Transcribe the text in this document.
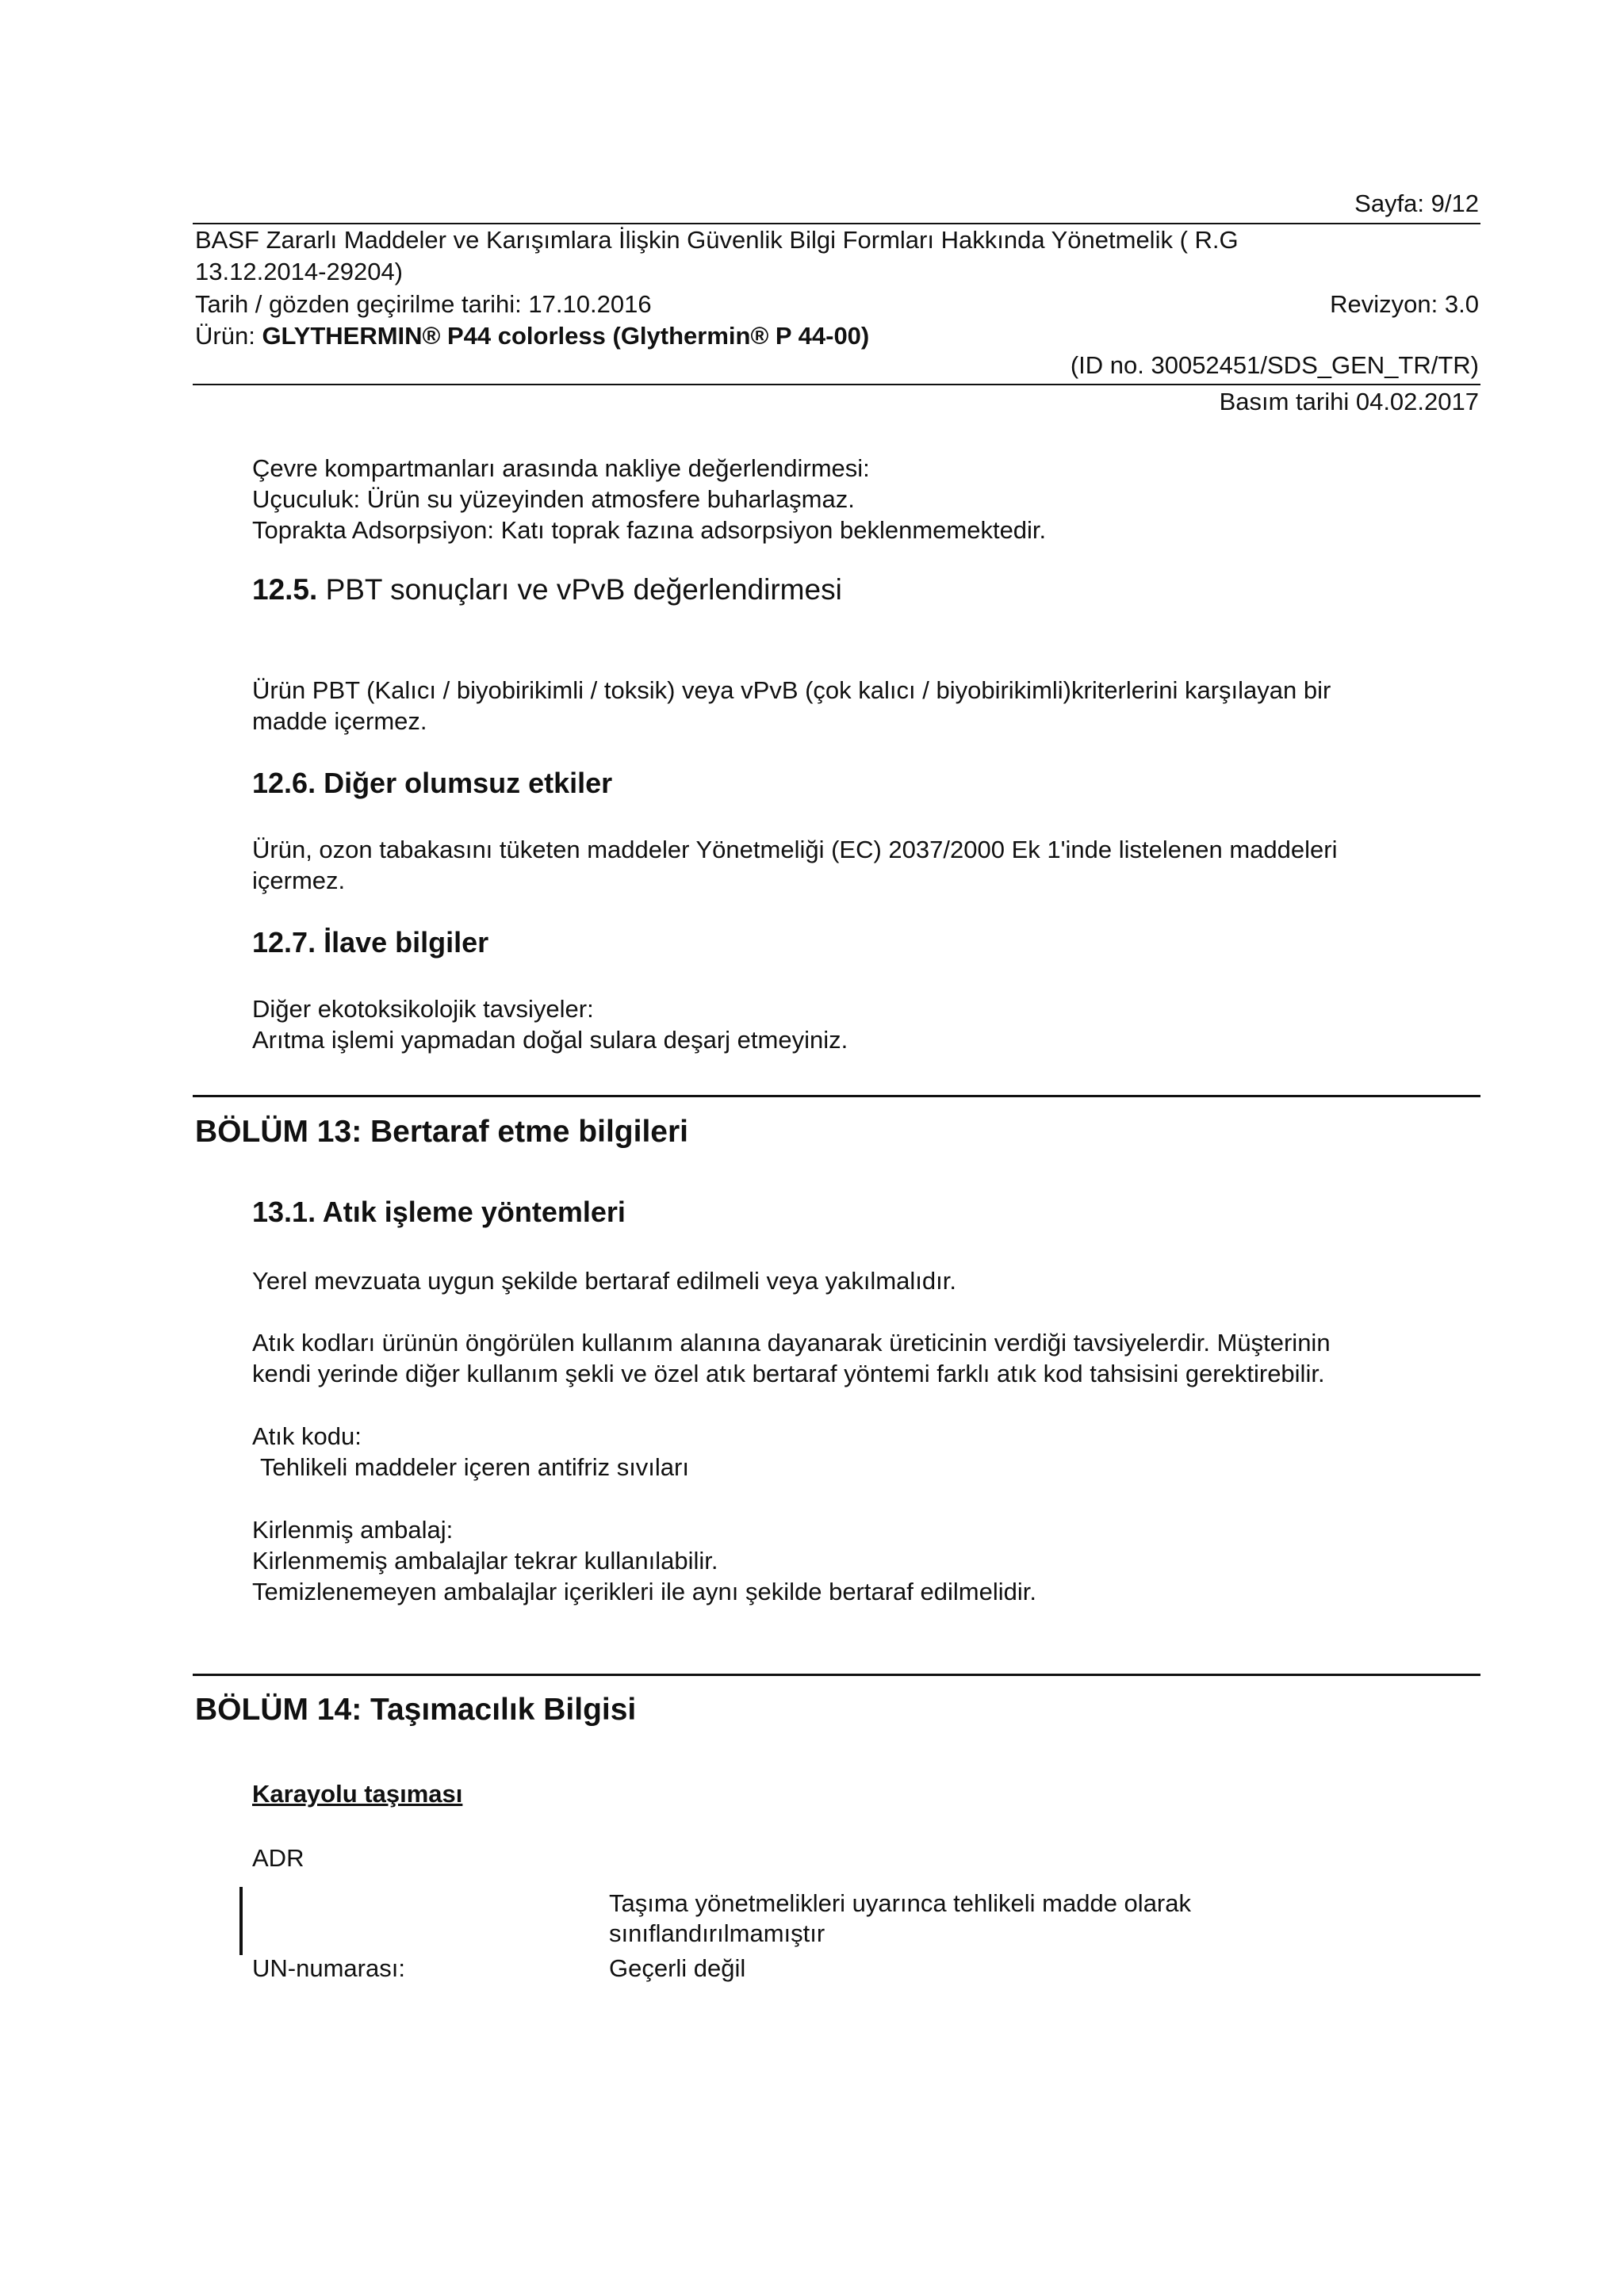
Sayfa: 9/12
BASF Zararlı Maddeler ve Karışımlara İlişkin Güvenlik Bilgi Formları Hakkında Yönetmelik ( R.G
13.12.2014-29204)
Tarih / gözden geçirilme tarihi: 17.10.2016	Revizyon: 3.0
Ürün: GLYTHERMIN® P44 colorless (Glythermin® P 44-00)
(ID no. 30052451/SDS_GEN_TR/TR)
Basım tarihi 04.02.2017
Çevre kompartmanları arasında nakliye değerlendirmesi:
Uçuculuk: Ürün su yüzeyinden atmosfere buharlaşmaz.
Toprakta Adsorpsiyon: Katı toprak fazına adsorpsiyon beklenmemektedir.
12.5. PBT sonuçları ve vPvB değerlendirmesi
Ürün PBT (Kalıcı / biyobirikimli / toksik) veya vPvB (çok kalıcı / biyobirikimli)kriterlerini karşılayan bir
madde içermez.
12.6. Diğer olumsuz etkiler
Ürün, ozon tabakasını tüketen maddeler Yönetmeliği (EC) 2037/2000 Ek 1'inde listelenen maddeleri
içermez.
12.7. İlave bilgiler
Diğer ekotoksikolojik tavsiyeler:
Arıtma işlemi yapmadan doğal sulara deşarj etmeyiniz.
BÖLÜM 13: Bertaraf etme bilgileri
13.1. Atık işleme yöntemleri
Yerel mevzuata uygun şekilde bertaraf edilmeli veya yakılmalıdır.
Atık kodları ürünün öngörülen kullanım alanına dayanarak üreticinin verdiği tavsiyelerdir. Müşterinin
kendi yerinde diğer kullanım şekli ve özel atık bertaraf yöntemi farklı atık kod tahsisini gerektirebilir.
Atık kodu:
Tehlikeli maddeler içeren antifriz sıvıları
Kirlenmiş ambalaj:
Kirlenmemiş ambalajlar tekrar kullanılabilir.
Temizlenemeyen ambalajlar içerikleri ile aynı şekilde bertaraf edilmelidir.
BÖLÜM 14: Taşımacılık Bilgisi
Karayolu taşıması
ADR
Taşıma yönetmelikleri uyarınca tehlikeli madde olarak
sınıflandırılmamıştır
UN-numarası:	Geçerli değil
